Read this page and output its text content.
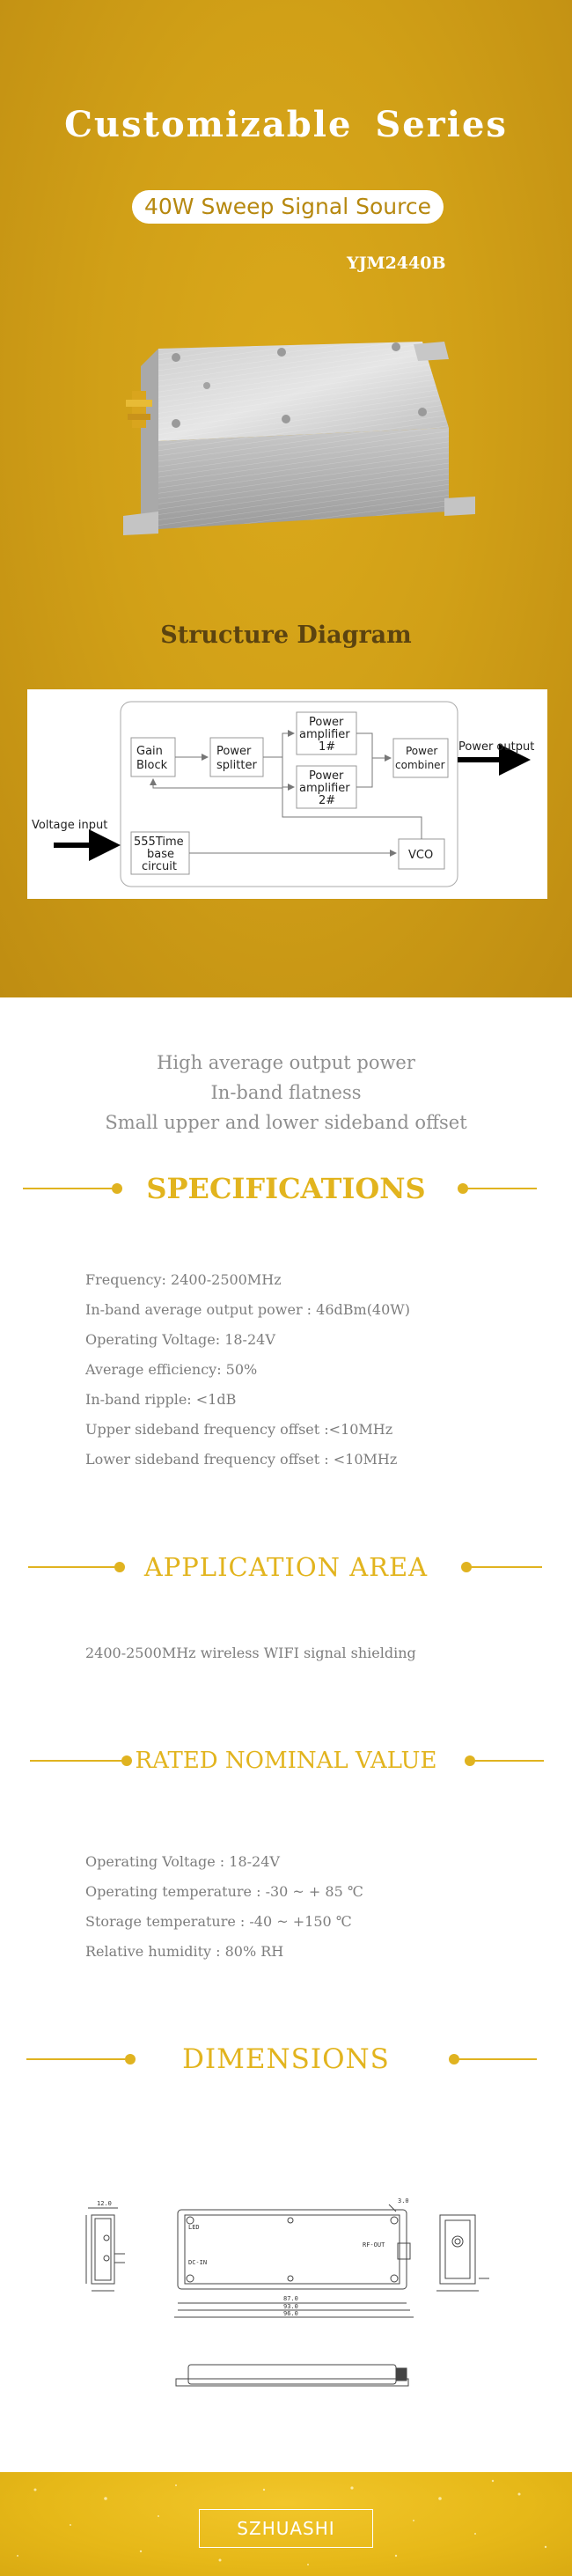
Customizable Series
40W Sweep Signal Source
YJM2440B
Structure Diagram
Gain
Block
Power
splitter
Power
amplifier
1#
Power
amplifier
2#
Power
combiner
555Time
base
circuit
VCO
Power output
Voltage input
High average output power
In-band flatness
Small upper and lower sideband offset
SPECIFICATIONS
Frequency: 2400-2500MHz
In-band average output power : 46dBm(40W)
Operating Voltage: 18-24V
Average efficiency: 50%
In-band ripple: <1dB
Upper sideband frequency offset :<10MHz
Lower sideband frequency offset : <10MHz
APPLICATION AREA
2400-2500MHz wireless WIFI signal shielding
RATED NOMINAL VALUE
Operating Voltage : 18-24V
Operating temperature : -30 ~ + 85 ℃
Storage temperature : -40 ~ +150 ℃
Relative humidity : 80% RH
DIMENSIONS
12.0
LED
RF-OUT
DC-IN
87.0
93.0
96.0
3.0
SZHUASHI
